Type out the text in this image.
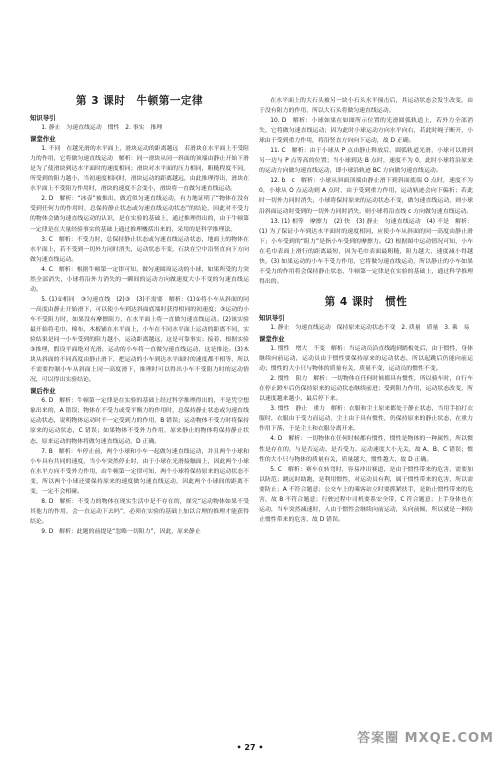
第 3 课时　牛顿第一定律

知识导引

1. 静止　匀速直线运动　惯性　2. 事实　推理

课堂作业

1. 不同　在越光滑的水平面上，滑块运动的距离越远　若滑块在水平面上不受阻力的作用，它将做匀速直线运动　解析：同一滑块从同一斜面的顶端由静止开始下滑是为了使滑块到达水平面时的速度相同；滑块对水平面的压力相同，粗糙程度不同，所受到的阻力越小，当初速度相同时，滑块运动的距离越远，由此推理得出，滑块在水平面上不受阻力作用时，滑块的速度不会变小，滑块将一直做匀速直线运动。

2. D　解析：“冰壶”被推出，做近似匀速直线运动，有力地证明了“物体在没有受到任何力的作用时，总保持静止状态或匀速直线运动状态”的结论，因此对不受力的物体会做匀速直线运动的认识，是在实验的基础上，通过推理得出的，由于牛顿第一定律是在大量经验事实的基础上通过推理概括出来的，采用的是科学推理法。

3. C　解析：不受力时，总保持静止状态或匀速直线运动状态，地面上的物体在水平面上，若不受到一切外力同时消失，运动状态不变，石块在空中沿竖直向下方向做匀速直线运动。

4. C　解析：根据牛顿第一定律可知，做匀速圆周运动的小球，如果所受的力突然全部消失，小球将沿外力消失的一瞬间的运动方向做速度大小不变的匀速直线运动。

5. (1)①相同　③匀速直线　(2)③　(3)不需要　解析：(1)①将小车从斜面的同一高度由静止开始滑下，可以使小车到达斜面底端时获得相同的初速度；③运动的小车不受阻力时，如果没有摩擦阻力，在水平面上将一直做匀速直线运动。(2)该实验最开始将毛巾、棉布、木板铺在水平面上，小车在不同水平面上运动的距离不同，实验结果是同一小车受到的阻力越小，运动距离越远，这是可靠事实；接着，根据实验③推理，假设平面绝对光滑，运动的小车将一直做匀速直线运动，这是推论。(3)木块从斜面的不同高度由静止滑下，把运动的小车到达水平面时的速度都不相等，所以不需要控制小车从斜面上同一高度滑下，推理时可以得出小车不受阻力时的运动情况，可以得出实验结论。

课后作业

6. D　解析：牛顿第一定律是在实验的基础上经过科学推理得出的，不是凭空想象出来的，A 错误；物体在不受力或受平衡力的作用时，总保持静止状态或匀速直线运动状态，说明物体运动时不一定受到力的作用，B 错误；运动物体不受力时将保持原来的运动状态，C 错误；如果物体不受外力作用，原来静止的物体将保持静止状态，原来运动的物体将做匀速直线运动，D 正确。

7. B　解析：车停止前，两个小球和小车一起做匀速直线运动，并且两个小球和小车具有共同的速度，当小车突然停止时，由于小球在光滑接触面上，因此两个小球在水平方向不受外力作用，由牛顿第一定律可知，两个小球将保持原来的运动状态不变，所以两个小球还要保持原来的速度做匀速直线运动，因此两个小球间的距离不变，一定不会相碰。

8. D　解析：不受力的物体在现实生活中是不存在的，探究“运动物体如果不受其他力的作用，会一直运动下去吗”，必须在实验的基础上加以合理的推理才能获得结论。

9. D　解析：此题的前提是“忽略一切阻力”，因此，原来静止

在水平面上的大石头被另一块小石头水平撞击后，其运动状态会发生改变，由于没有阻力的作用，所以大石头将做匀速直线运动。

10. D　解析：小球如果在如图所示位置的光滑圆弧轨道上，若外力全部消失，它将做匀速直线运动；因为此时小球运动方向水平向右，若此时绳子断开，小球由于受到重力作用，将沿竖直方向向下运动，故 D 正确。

11. C　解析：由于小球从 P 点由静止释放后，圆弧轨道光滑，小球可以滑到另一边与 P 点等高的位置；当小球到达 B 点时，速度不为 0，此时小球将沿原来的运动方向做匀速直线运动，即小球沿轨迹 BC 方向做匀速直线运动。

12. b　c　解析：小球从斜面顶端由静止滑下到斜面底端 O 点时，速度不为 0，小球从 O 点运动到 A 点时，由于受到重力作用，运动轨迹会向下偏折；若此时一切外力同时消失，小球将保持原来的运动状态不变，做匀速直线运动，则小球沿斜面运动时受到的一切外力同时消失，则小球将沿直线 c 方向做匀速直线运动。

13. (1) 相等　摩擦力　(2) 快　(3) 静止　匀速直线运动　(4) 不是　解析：(1) 为了保证小车到达水平面时的速度相同，应使小车从斜面的同一高度由静止滑下；小车受到的“阻力”是指小车受到的摩擦力。(2) 根据图中运动情况可知，小车在毛巾表面上滑行的距离最短，因为毛巾表面最粗糙，阻力越大，速度减小得越快。(3) 如果运动的小车不受力作用，它将做匀速直线运动，所以静止的小车如果不受力的作用将会保持静止状态，牛顿第一定律是在实验的基础上，通过科学推理得出的。

第 4 课时　惯性

知识导引

1. 静止　匀速直线运动　保持原来运动状态不变　2. 质量　质量　3. 乘　易

课堂作业

1. 惯性　增大　不变　解析：当运动员沿直线跑到踏板处后，由于惯性，身体继续向前运动，运动员由于惯性要保持原来的运动状态，所以起跳后仍能向前运动；惯性的大小只与物体的质量有关，质量不变，运动员的惯性不变。

2. 惯性　阻力　解析：一切物体在任何时候都具有惯性，所以骑车时，自行车在停止蹬车后仍保持原来的运动状态继续前进；受到阻力作用，运动状态改变，所以速度越来越小，最后停下来。

3. 惯性　静止　重力　解析：衣服和尘土原来都处于静止状态，当用手拍打衣服时，衣服由于受力而运动，尘土由于具有惯性，仍保持原来的静止状态，在重力作用下落，于是尘土和衣服分离开来。

4. D　解析：一切物体在任何时候都有惯性，惯性是物体的一种属性，所以惯性是存在的，与是否运动、是否受力、运动速度大小无关，故 A、B、C 错误；惯性的大小只与物体的质量有关，质量越大，惯性越大，故 D 正确。

5. C　解析：赛车在转弯时，容易冲出赛道，是由于惯性带来的危害，需要加以防范；跳远时助跑，是利用惯性，对运动员有利，属于惯性带来的危害，所以需要防止；A 不符合题意；公交车上的乘客站立时要抓紧扶手，是防止惯性带来的危害，故 B 不符合题意；行驶过程中司机要系安全带，C 符合题意；上手身体也在运动，当车突然减速时，人由于惯性会继续向前运动，头向前倾，所以就是一种防止惯性带来的危害，故 D 错误。

• 27 •
答案圈 MXQE.COM
